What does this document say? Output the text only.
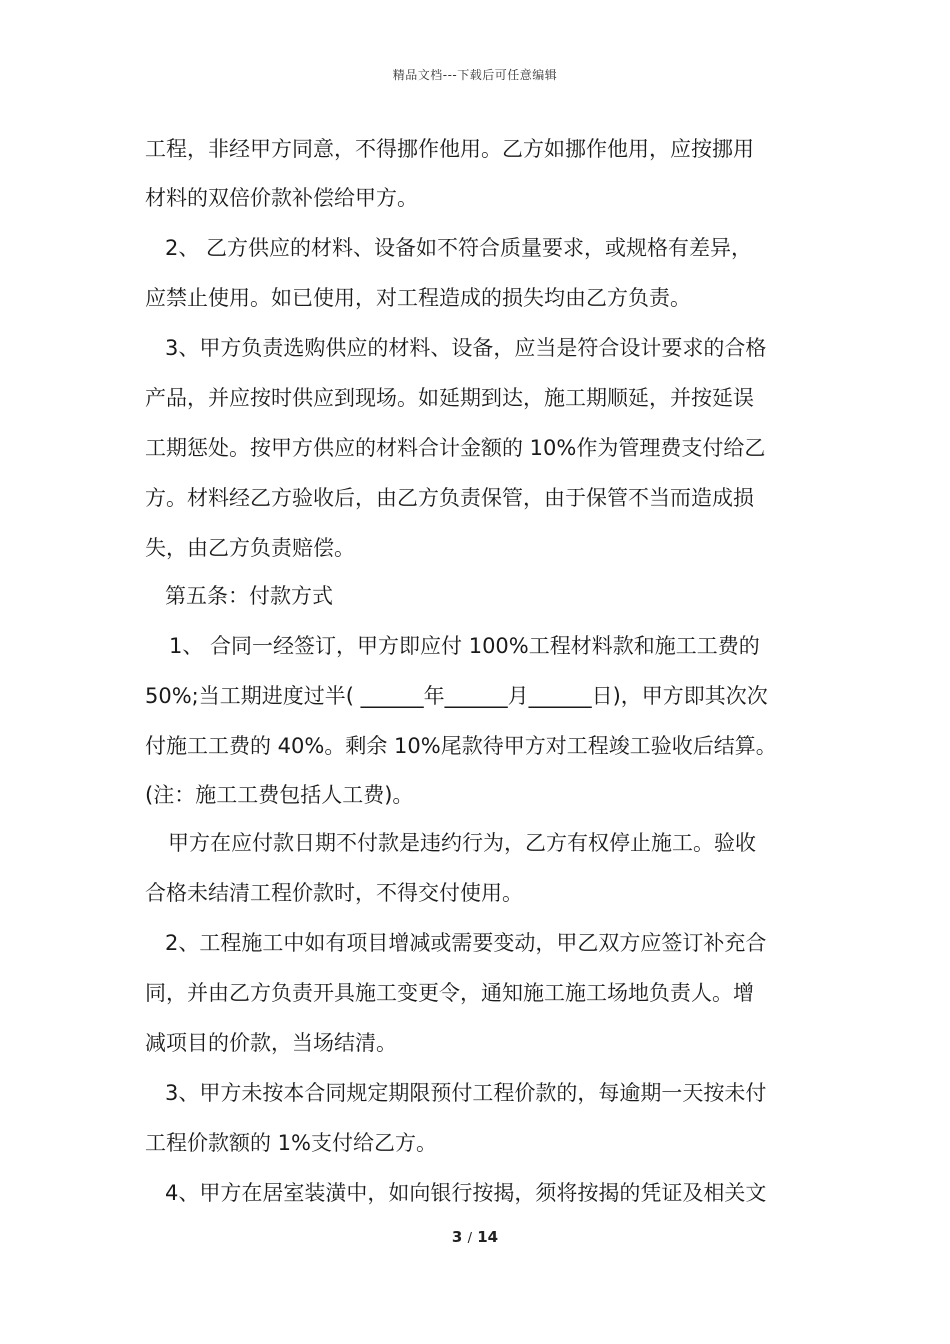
精品文档---下载后可任意编辑
工程，非经甲方同意，不得挪作他用。乙方如挪作他用，应按挪用
材料的双倍价款补偿给甲方。
2、 乙方供应的材料、设备如不符合质量要求，或规格有差异，
应禁止使用。如已使用，对工程造成的损失均由乙方负责。
3、甲方负责选购供应的材料、设备，应当是符合设计要求的合格
产品，并应按时供应到现场。如延期到达，施工期顺延，并按延误
工期惩处。按甲方供应的材料合计金额的 10%作为管理费支付给乙
方。材料经乙方验收后，由乙方负责保管，由于保管不当而造成损
失，由乙方负责赔偿。
第五条：付款方式
1、 合同一经签订，甲方即应付 100%工程材料款和施工工费的
50%;当工期进度过半( ______年______月______日)，甲方即其次次
付施工工费的 40%。剩余 10%尾款待甲方对工程竣工验收后结算。
(注：施工工费包括人工费)。
甲方在应付款日期不付款是违约行为，乙方有权停止施工。验收
合格未结清工程价款时，不得交付使用。
2、工程施工中如有项目增减或需要变动，甲乙双方应签订补充合
同，并由乙方负责开具施工变更令，通知施工施工场地负责人。增
减项目的价款，当场结清。
3、甲方未按本合同规定期限预付工程价款的，每逾期一天按未付
工程价款额的 1%支付给乙方。
4、甲方在居室装潢中，如向银行按揭，须将按揭的凭证及相关文
3 / 14
